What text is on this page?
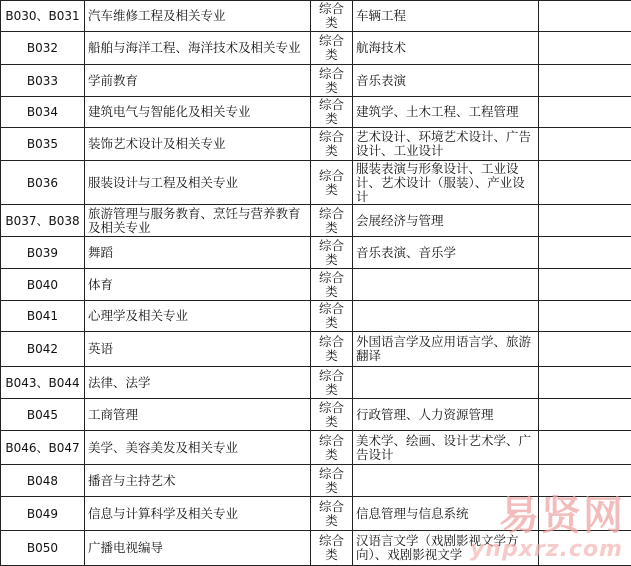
B030、B031	汽车维修工程及相关专业	综合类	车辆工程	
B032	船舶与海洋工程、海洋技术及相关专业	综合类	航海技术	
B033	学前教育	综合类	音乐表演	
B034	建筑电气与智能化及相关专业	综合类	建筑学、土木工程、工程管理	
B035	装饰艺术设计及相关专业	综合类	艺术设计、环境艺术设计、广告设计、工业设计	
B036	服装设计与工程及相关专业	综合类	服装表演与形象设计、工业设计、艺术设计（服装）、产业设计	
B037、B038	旅游管理与服务教育、烹饪与营养教育及相关专业	综合类	会展经济与管理	
B039	舞蹈	综合类	音乐表演、音乐学	
B040	体育	综合类		
B041	心理学及相关专业	综合类		
B042	英语	综合类	外国语言学及应用语言学、旅游翻译	
B043、B044	法律、法学	综合类		
B045	工商管理	综合类	行政管理、人力资源管理	
B046、B047	美学、美容美发及相关专业	综合类	美术学、绘画、设计艺术学、广告设计	
B048	播音与主持艺术	综合类		
B049	信息与计算科学及相关专业	综合类	信息管理与信息系统	
B050	广播电视编导	综合类	汉语言文学（戏剧影视文学方向）、戏剧影视文学	
易贤网
ynpxrz.com
